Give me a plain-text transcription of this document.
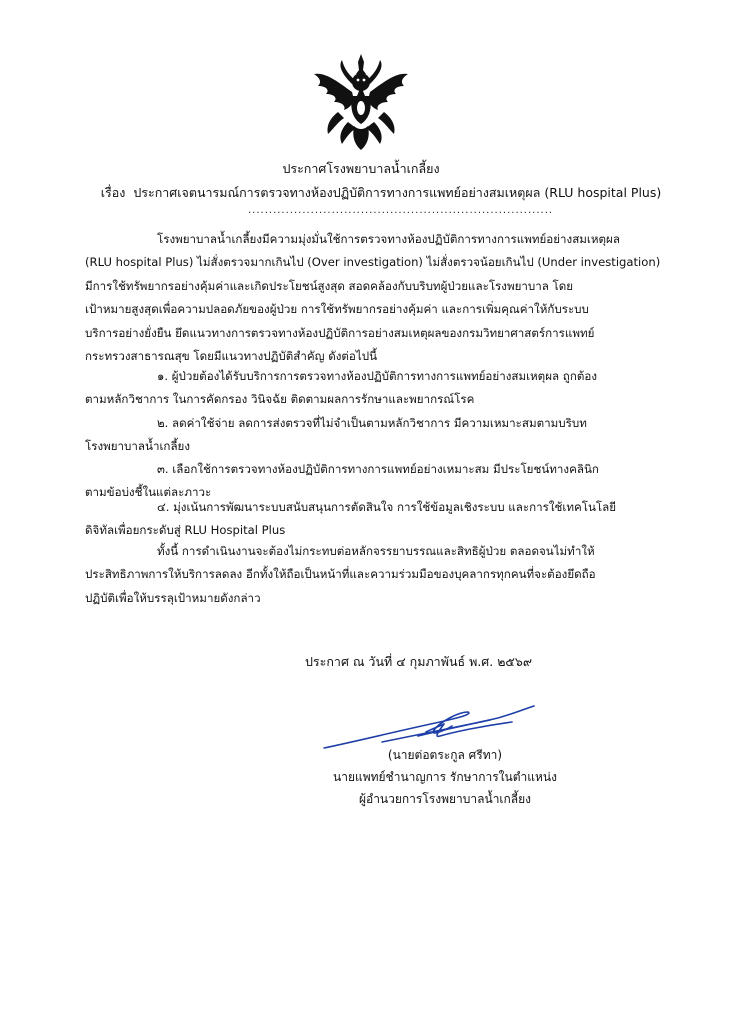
ประกาศโรงพยาบาลน้ำเกลี้ยง
เรื่อง ประกาศเจตนารมณ์การตรวจทางห้องปฏิบัติการทางการแพทย์อย่างสมเหตุผล (RLU hospital Plus)
.........................................................................
โรงพยาบาลน้ำเกลี้ยงมีความมุ่งมั่นใช้การตรวจทางห้องปฏิบัติการทางการแพทย์อย่างสมเหตุผล
(RLU hospital Plus) ไม่สั่งตรวจมากเกินไป (Over investigation) ไม่สั่งตรวจน้อยเกินไป (Under investigation)
มีการใช้ทรัพยากรอย่างคุ้มค่าและเกิดประโยชน์สูงสุด สอดคล้องกับบริบทผู้ป่วยและโรงพยาบาล โดย
เป้าหมายสูงสุดเพื่อความปลอดภัยของผู้ป่วย การใช้ทรัพยากรอย่างคุ้มค่า และการเพิ่มคุณค่าให้กับระบบ
บริการอย่างยั่งยืน ยึดแนวทางการตรวจทางห้องปฏิบัติการอย่างสมเหตุผลของกรมวิทยาศาสตร์การแพทย์
กระทรวงสาธารณสุข โดยมีแนวทางปฏิบัติสำคัญ ดังต่อไปนี้
๑. ผู้ป่วยต้องได้รับบริการการตรวจทางห้องปฏิบัติการทางการแพทย์อย่างสมเหตุผล ถูกต้อง
ตามหลักวิชาการ ในการคัดกรอง วินิจฉัย ติดตามผลการรักษาและพยากรณ์โรค
๒. ลดค่าใช้จ่าย ลดการส่งตรวจที่ไม่จำเป็นตามหลักวิชาการ มีความเหมาะสมตามบริบท
โรงพยาบาลน้ำเกลี้ยง
๓. เลือกใช้การตรวจทางห้องปฏิบัติการทางการแพทย์อย่างเหมาะสม มีประโยชน์ทางคลินิก
ตามข้อบ่งชี้ในแต่ละภาวะ
๔. มุ่งเน้นการพัฒนาระบบสนับสนุนการตัดสินใจ การใช้ข้อมูลเชิงระบบ และการใช้เทคโนโลยี
ดิจิทัลเพื่อยกระดับสู่ RLU Hospital Plus
ทั้งนี้ การดำเนินงานจะต้องไม่กระทบต่อหลักจรรยาบรรณและสิทธิผู้ป่วย ตลอดจนไม่ทำให้
ประสิทธิภาพการให้บริการลดลง อีกทั้งให้ถือเป็นหน้าที่และความร่วมมือของบุคลากรทุกคนที่จะต้องยึดถือ
ปฏิบัติเพื่อให้บรรลุเป้าหมายดังกล่าว
ประกาศ ณ วันที่ ๔ กุมภาพันธ์ พ.ศ. ๒๕๖๙
(นายต่อตระกูล ศรีทา)
นายแพทย์ชำนาญการ รักษาการในตำแหน่ง
ผู้อำนวยการโรงพยาบาลน้ำเกลี้ยง
